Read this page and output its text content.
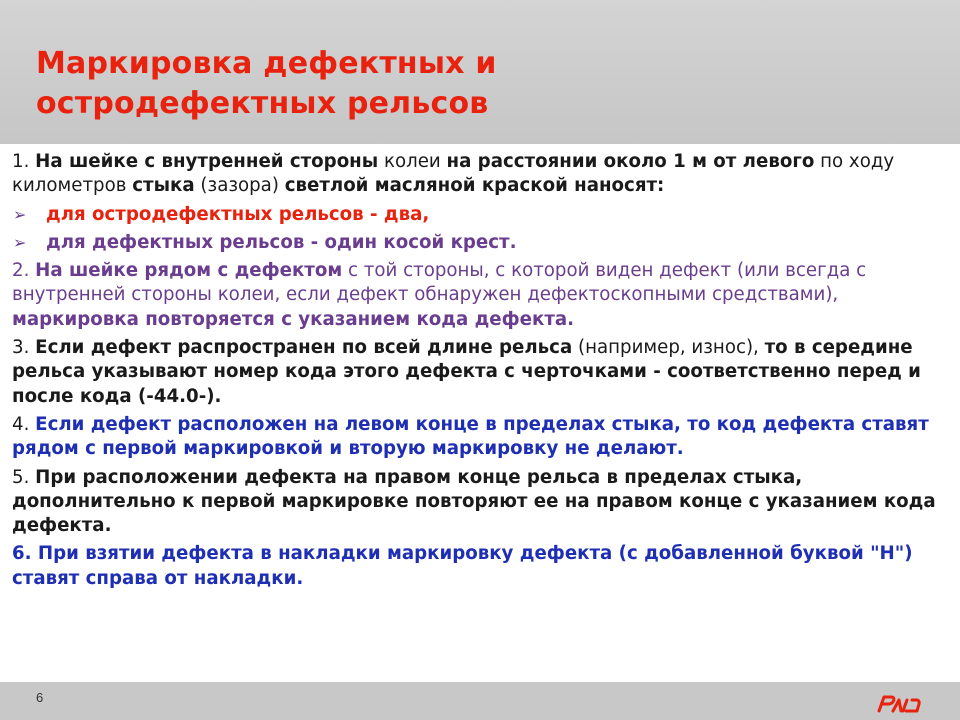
Маркировка дефектных и
остродефектных рельсов

1. На шейке с внутренней стороны колеи на расстоянии около 1 м от левого по ходу километров стыка (зазора) светлой масляной краской наносят:

➢ для остродефектных рельсов - два,

➢ для дефектных рельсов - один косой крест.

2. На шейке рядом с дефектом с той стороны, с которой виден дефект (или всегда с внутренней стороны колеи, если дефект обнаружен дефектоскопными средствами), маркировка повторяется с указанием кода дефекта.

3. Если дефект распространен по всей длине рельса (например, износ), то в середине рельса указывают номер кода этого дефекта с черточками - соответственно перед и после кода (-44.0-).

4. Если дефект расположен на левом конце в пределах стыка, то код дефекта ставят рядом с первой маркировкой и вторую маркировку не делают.

5. При расположении дефекта на правом конце рельса в пределах стыка, дополнительно к первой маркировке повторяют ее на правом конце с указанием кода дефекта.

6. При взятии дефекта в накладки маркировку дефекта (с добавленной буквой "Н") ставят справа от накладки.

6
